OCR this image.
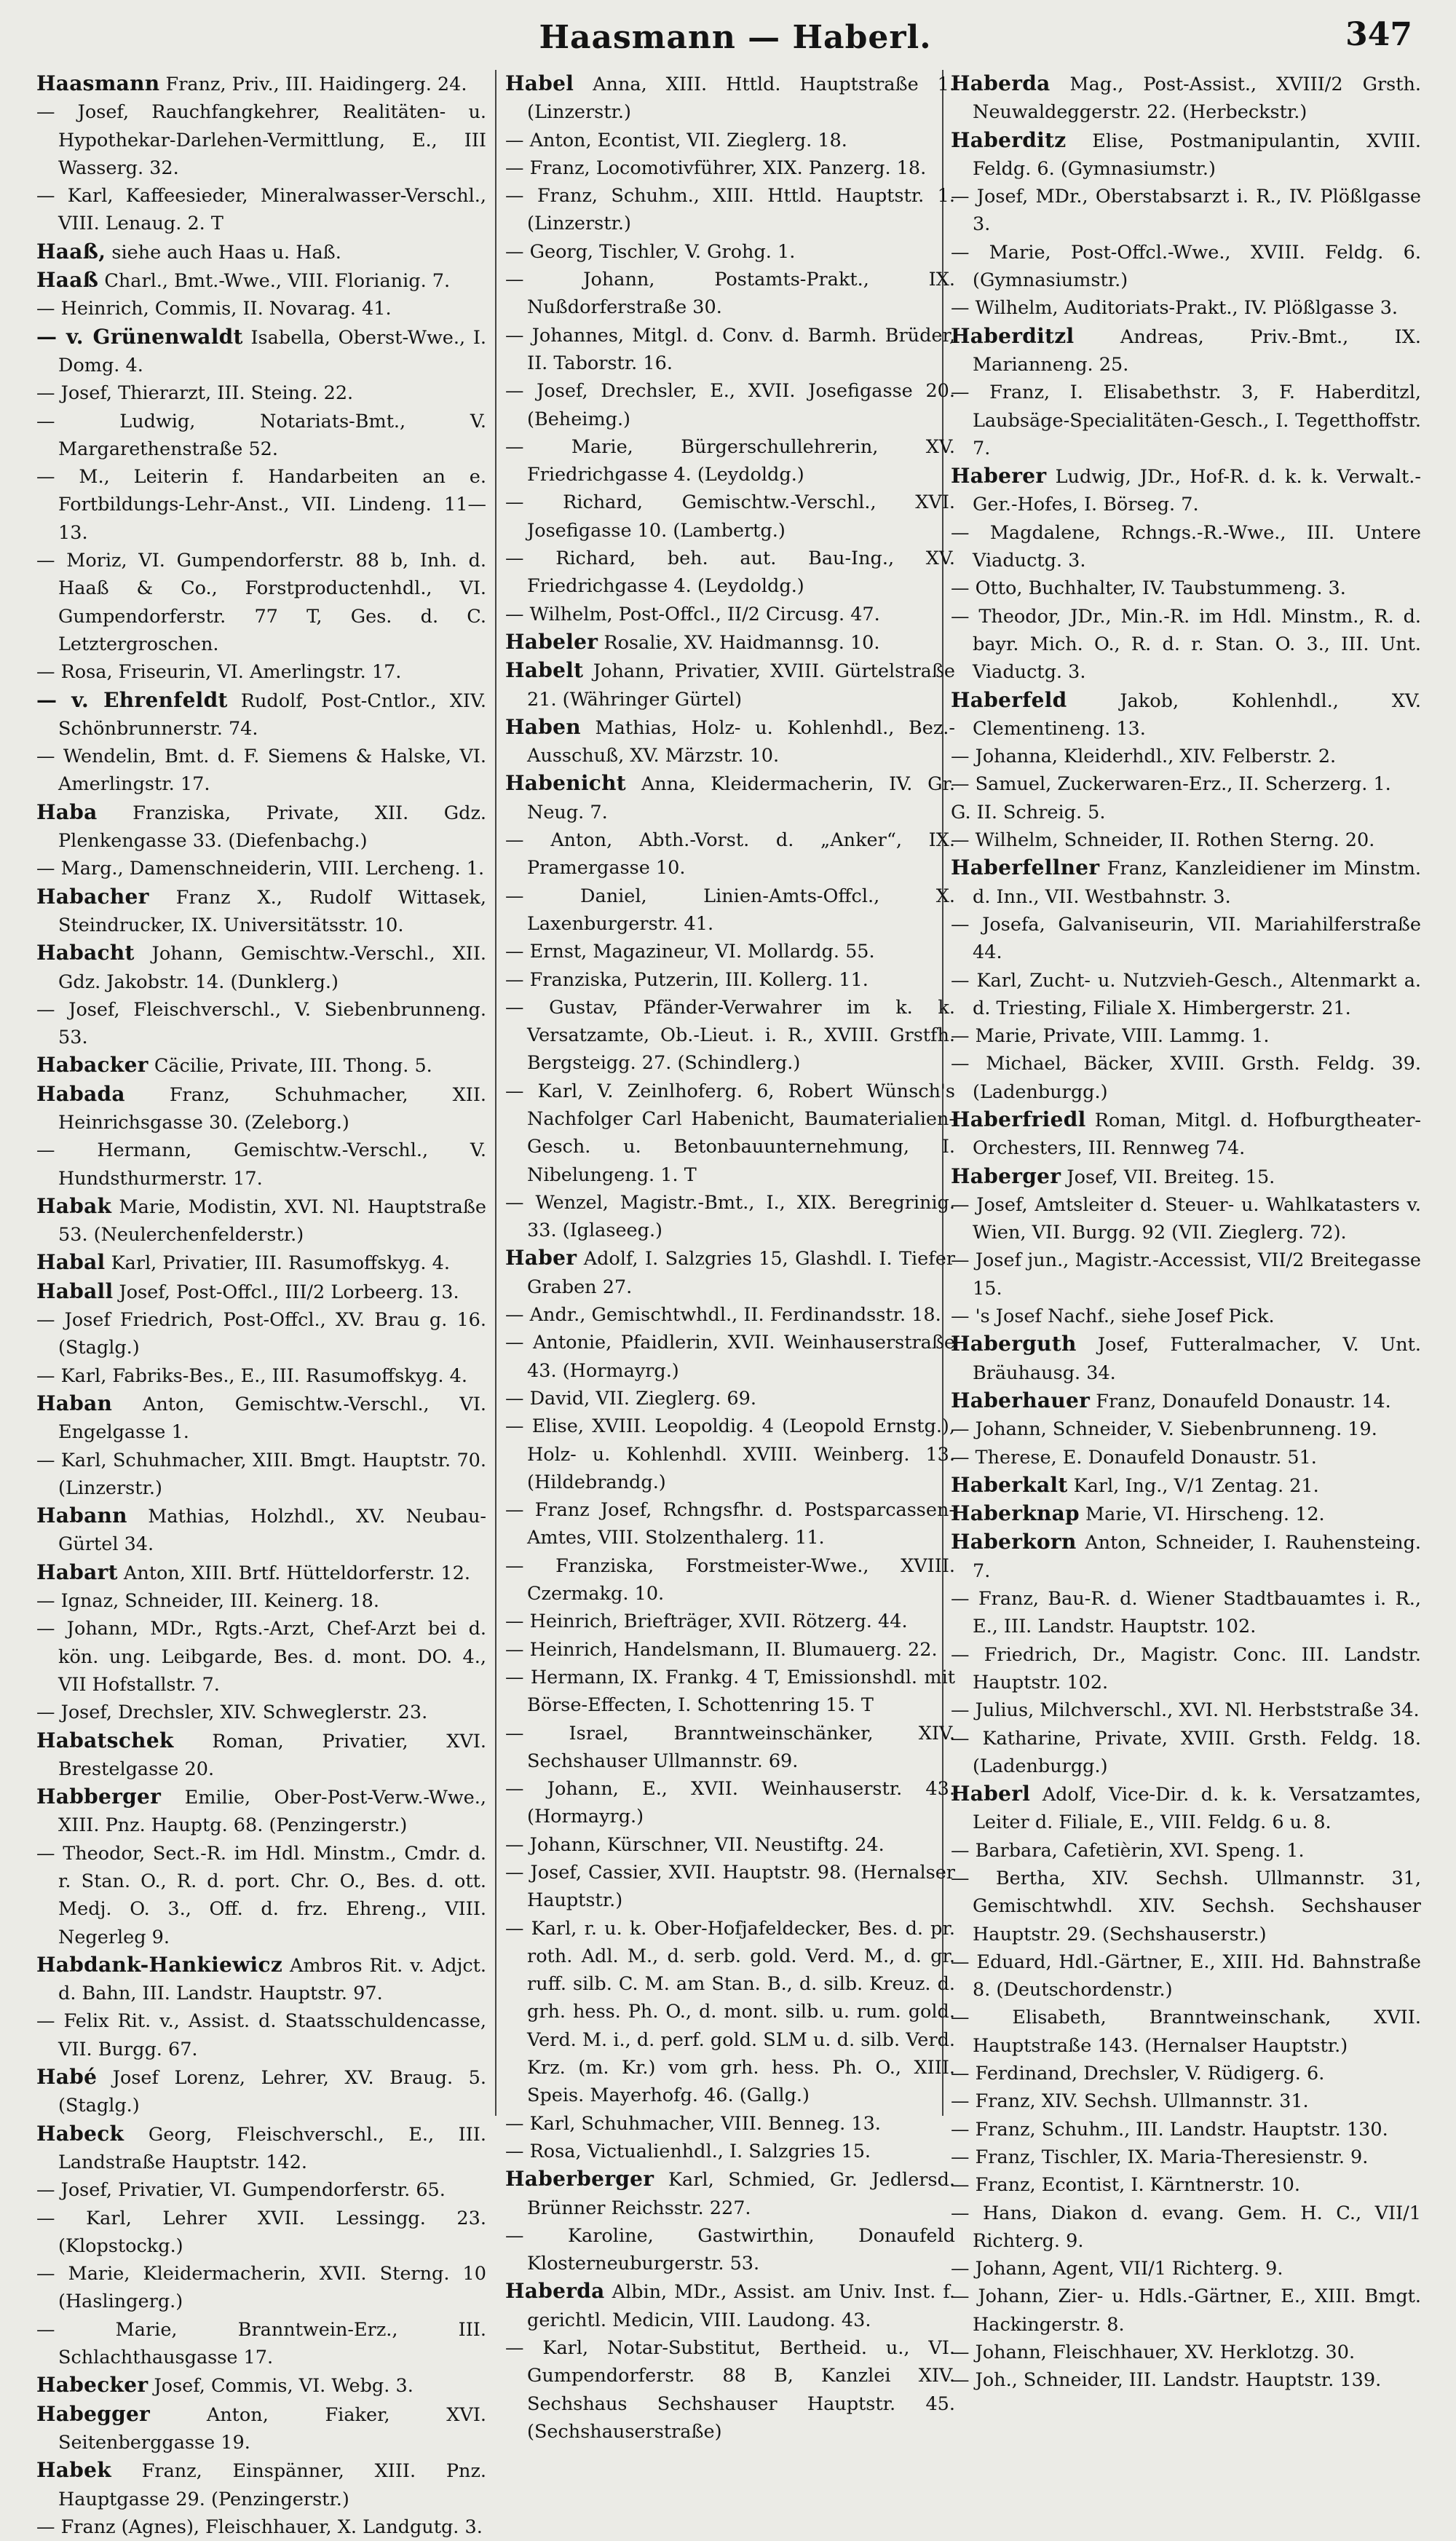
Haasmann — Haberl.	347

Haasmann Franz, Priv., III. Haidingerg. 24.

— Josef, Rauchfangkehrer, Realitäten- u. Hypothekar-Darlehen-Vermittlung, E., III Wasserg. 32.

— Karl, Kaffeesieder, Mineralwasser-Verschl., VIII. Lenaug. 2. T

Haaß, siehe auch Haas u. Haß.

Haaß Charl., Bmt.-Wwe., VIII. Florianig. 7.

— Heinrich, Commis, II. Novarag. 41.

— v. Grünenwaldt Isabella, Oberst-Wwe., I. Domg. 4.

— Josef, Thierarzt, III. Steing. 22.

— Ludwig, Notariats-Bmt., V. Margarethenstraße 52.

— M., Leiterin f. Handarbeiten an e. Fortbildungs-Lehr-Anst., VII. Lindeng. 11—13.

— Moriz, VI. Gumpendorferstr. 88 b, Inh. d. Haaß & Co., Forstproductenhdl., VI. Gumpendorferstr. 77 T, Ges. d. C. Letztergroschen.

— Rosa, Friseurin, VI. Amerlingstr. 17.

— v. Ehrenfeldt Rudolf, Post-Cntlor., XIV. Schönbrunnerstr. 74.

— Wendelin, Bmt. d. F. Siemens & Halske, VI. Amerlingstr. 17.

Haba Franziska, Private, XII. Gdz. Plenkengasse 33. (Diefenbachg.)

— Marg., Damenschneiderin, VIII. Lercheng. 1.

Habacher Franz X., Rudolf Wittasek, Steindrucker, IX. Universitätsstr. 10.

Habacht Johann, Gemischtw.-Verschl., XII. Gdz. Jakobstr. 14. (Dunklerg.)

— Josef, Fleischverschl., V. Siebenbrunneng. 53.

Habacker Cäcilie, Private, III. Thong. 5.

Habada Franz, Schuhmacher, XII. Heinrichsgasse 30. (Zeleborg.)

— Hermann, Gemischtw.-Verschl., V. Hundsthurmerstr. 17.

Habak Marie, Modistin, XVI. Nl. Hauptstraße 53. (Neulerchenfelderstr.)

Habal Karl, Privatier, III. Rasumoffskyg. 4.

Haball Josef, Post-Offcl., III/2 Lorbeerg. 13.

— Josef Friedrich, Post-Offcl., XV. Brau g. 16. (Staglg.)

— Karl, Fabriks-Bes., E., III. Rasumoffskyg. 4.

Haban Anton, Gemischtw.-Verschl., VI. Engelgasse 1.

— Karl, Schuhmacher, XIII. Bmgt. Hauptstr. 70. (Linzerstr.)

Habann Mathias, Holzhdl., XV. Neubau-Gürtel 34.

Habart Anton, XIII. Brtf. Hütteldorferstr. 12.

— Ignaz, Schneider, III. Keinerg. 18.

— Johann, MDr., Rgts.-Arzt, Chef-Arzt bei d. kön. ung. Leibgarde, Bes. d. mont. DO. 4., VII Hofstallstr. 7.

— Josef, Drechsler, XIV. Schweglerstr. 23.

Habatschek Roman, Privatier, XVI. Brestelgasse 20.

Habberger Emilie, Ober-Post-Verw.-Wwe., XIII. Pnz. Hauptg. 68. (Penzingerstr.)

— Theodor, Sect.-R. im Hdl. Minstm., Cmdr. d. r. Stan. O., R. d. port. Chr. O., Bes. d. ott. Medj. O. 3., Off. d. frz. Ehreng., VIII. Negerleg 9.

Habdank-Hankiewicz Ambros Rit. v. Adjct. d. Bahn, III. Landstr. Hauptstr. 97.

— Felix Rit. v., Assist. d. Staatsschuldencasse, VII. Burgg. 67.

Habé Josef Lorenz, Lehrer, XV. Braug. 5. (Staglg.)

Habeck Georg, Fleischverschl., E., III. Landstraße Hauptstr. 142.

— Josef, Privatier, VI. Gumpendorferstr. 65.

— Karl, Lehrer XVII. Lessingg. 23. (Klopstockg.)

— Marie, Kleidermacherin, XVII. Sterng. 10 (Haslingerg.)

— Marie, Branntwein-Erz., III. Schlachthausgasse 17.

Habecker Josef, Commis, VI. Webg. 3.

Habegger	Anton, Fiaker, XVI. Seitenberggasse 19.

Habek Franz, Einspänner, XIII. Pnz. Hauptgasse 29. (Penzingerstr.)

— Franz (Agnes), Fleischhauer, X. Landgutg. 3.

Habel Anna, XIII. Httld. Hauptstraße 1. (Linzerstr.)

— Anton, Econtist, VII. Zieglerg. 18.

— Franz, Locomotivführer, XIX. Panzerg. 18.

— Franz, Schuhm., XIII. Httld. Hauptstr. 1. (Linzerstr.)

— Georg, Tischler, V. Grohg. 1.

— Johann, Postamts-Prakt., IX. Nußdorferstraße 30.

— Johannes, Mitgl. d. Conv. d. Barmh. Brüder, II. Taborstr. 16.

— Josef, Drechsler, E., XVII. Josefigasse 20. (Beheimg.)

— Marie, Bürgerschullehrerin, XV. Friedrichgasse 4. (Leydoldg.)

— Richard, Gemischtw.-Verschl., XVI. Josefigasse 10. (Lambertg.)

— Richard, beh. aut. Bau-Ing., XV. Friedrichgasse 4. (Leydoldg.)

— Wilhelm, Post-Offcl., II/2 Circusg. 47.

Habeler Rosalie, XV. Haidmannsg. 10.

Habelt Johann, Privatier, XVIII. Gürtelstraße 21. (Währinger Gürtel)

Haben Mathias, Holz- u. Kohlenhdl., Bez.-Ausschuß, XV. Märzstr. 10.

Habenicht Anna, Kleidermacherin, IV. Gr. Neug. 7.

— Anton, Abth.-Vorst. d. „Anker“, IX. Pramergasse 10.

— Daniel, Linien-Amts-Offcl., X. Laxenburgerstr. 41.

— Ernst, Magazineur, VI. Mollardg. 55.

— Franziska, Putzerin, III. Kollerg. 11.

— Gustav, Pfänder-Verwahrer im k. k. Versatzamte, Ob.-Lieut. i. R., XVIII. Grstfh. Bergsteigg. 27. (Schindlerg.)

— Karl, V. Zeinlhoferg. 6, Robert Wünsch's Nachfolger Carl Habenicht, Baumaterialien-Gesch. u. Betonbauunternehmung, I. Nibelungeng. 1. T

— Wenzel, Magistr.-Bmt., I., XIX. Beregrinig. 33. (Iglaseeg.)

Haber Adolf, I. Salzgries 15, Glashdl. I. Tiefer Graben 27.

— Andr., Gemischtwhdl., II. Ferdinandsstr. 18.

— Antonie, Pfaidlerin, XVII. Weinhauserstraße 43. (Hormayrg.)

— David, VII. Zieglerg. 69.

— Elise, XVIII. Leopoldig. 4 (Leopold Ernstg.), Holz- u. Kohlenhdl. XVIII. Weinberg. 13. (Hildebrandg.)

— Franz Josef, Rchngsfhr. d. Postsparcassen-Amtes, VIII. Stolzenthalerg. 11.

— Franziska, Forstmeister-Wwe., XVIII. Czermakg. 10.

— Heinrich, Briefträger, XVII. Rötzerg. 44.

— Heinrich, Handelsmann, II. Blumauerg. 22.

— Hermann, IX. Frankg. 4 T, Emissionshdl. mit Börse-Effecten, I. Schottenring 15. T

— Israel, Branntweinschänker, XIV. Sechshauser Ullmannstr. 69.

— Johann, E., XVII. Weinhauserstr. 43. (Hormayrg.)

— Johann, Kürschner, VII. Neustiftg. 24.

— Josef, Cassier, XVII. Hauptstr. 98. (Hernalser Hauptstr.)

— Karl, r. u. k. Ober-Hofjafeldecker, Bes. d. pr. roth. Adl. M., d. serb. gold. Verd. M., d. gr. ruff. silb. C. M. am Stan. B., d. silb. Kreuz. d. grh. hess. Ph. O., d. mont. silb. u. rum. gold. Verd. M. i., d. perf. gold. SLM u. d. silb. Verd. Krz. (m. Kr.) vom grh. hess. Ph. O., XIII. Speis. Mayerhofg. 46. (Gallg.)

— Karl, Schuhmacher, VIII. Benneg. 13.

— Rosa, Victualienhdl., I. Salzgries 15.

Haberberger Karl, Schmied, Gr. Jedlersd. Brünner Reichsstr. 227.

— Karoline, Gastwirthin, Donaufeld Klosterneuburgerstr. 53.

Haberda Albin, MDr., Assist. am Univ. Inst. f. gerichtl. Medicin, VIII. Laudong. 43.

— Karl, Notar-Substitut, Bertheid. u., VI. Gumpendorferstr. 88 B, Kanzlei XIV. Sechshaus Sechshauser Hauptstr. 45. (Sechshauserstraße)

Haberda Mag., Post-Assist., XVIII/2 Grsth. Neuwaldeggerstr. 22. (Herbeckstr.)

Haberditz Elise, Postmanipulantin, XVIII. Feldg. 6. (Gymnasiumstr.)

— Josef, MDr., Oberstabsarzt i. R., IV. Plößlgasse 3.

— Marie, Post-Offcl.-Wwe., XVIII. Feldg. 6. (Gymnasiumstr.)

— Wilhelm, Auditoriats-Prakt., IV. Plößlgasse 3.

Haberditzl Andreas, Priv.-Bmt., IX. Marianneng. 25.

— Franz, I. Elisabethstr. 3, F. Haberditzl, Laubsäge-Specialitäten-Gesch., I. Tegetthoffstr. 7.

Haberer Ludwig, JDr., Hof-R. d. k. k. Verwalt.-Ger.-Hofes, I. Börseg. 7.

— Magdalene, Rchngs.-R.-Wwe., III. Untere Viaductg. 3.

— Otto, Buchhalter, IV. Taubstummeng. 3.

— Theodor, JDr., Min.-R. im Hdl. Minstm., R. d. bayr. Mich. O., R. d. r. Stan. O. 3., III. Unt. Viaductg. 3.

Haberfeld	Jakob, Kohlenhdl., XV. Clementineng. 13.

— Johanna, Kleiderhdl., XIV. Felberstr. 2.

— Samuel, Zuckerwaren-Erz., II. Scherzerg. 1.

G. II. Schreig. 5.

— Wilhelm, Schneider, II. Rothen Sterng. 20.

Haberfellner Franz, Kanzleidiener im Minstm. d. Inn., VII. Westbahnstr. 3.

— Josefa, Galvaniseurin, VII. Mariahilferstraße 44.

— Karl, Zucht- u. Nutzvieh-Gesch., Altenmarkt a. d. Triesting, Filiale X. Himbergerstr. 21.

— Marie, Private, VIII. Lammg. 1.

— Michael, Bäcker, XVIII. Grsth. Feldg. 39. (Ladenburgg.)

Haberfriedl Roman, Mitgl. d. Hofburgtheater-Orchesters, III. Rennweg 74.

Haberger Josef, VII. Breiteg. 15.

— Josef, Amtsleiter d. Steuer- u. Wahlkatasters v. Wien, VII. Burgg. 92 (VII. Zieglerg. 72).

— Josef jun., Magistr.-Accessist, VII/2 Breitegasse 15.

— 's Josef Nachf., siehe Josef Pick.

Haberguth Josef, Futteralmacher, V. Unt. Bräuhausg. 34.

Haberhauer Franz, Donaufeld Donaustr. 14.

— Johann, Schneider, V. Siebenbrunneng. 19.

— Therese, E. Donaufeld Donaustr. 51.

Haberkalt Karl, Ing., V/1 Zentag. 21.

Haberknap Marie, VI. Hirscheng. 12.

Haberkorn Anton, Schneider, I. Rauhensteing. 7.

— Franz, Bau-R. d. Wiener Stadtbauamtes i. R., E., III. Landstr. Hauptstr. 102.

— Friedrich, Dr., Magistr. Conc. III. Landstr. Hauptstr. 102.

— Julius, Milchverschl., XVI. Nl. Herbststraße 34.

— Katharine, Private, XVIII. Grsth. Feldg. 18. (Ladenburgg.)

Haberl Adolf, Vice-Dir. d. k. k. Versatzamtes, Leiter d. Filiale, E., VIII. Feldg. 6 u. 8.

— Barbara, Cafetièrin, XVI. Speng. 1.

— Bertha, XIV. Sechsh. Ullmannstr. 31, Gemischtwhdl. XIV. Sechsh. Sechshauser Hauptstr. 29. (Sechshauserstr.)

— Eduard, Hdl.-Gärtner, E., XIII. Hd. Bahnstraße 8. (Deutschordenstr.)

— Elisabeth, Branntweinschank, XVII. Hauptstraße 143. (Hernalser Hauptstr.)

— Ferdinand, Drechsler, V. Rüdigerg. 6.

— Franz, XIV. Sechsh. Ullmannstr. 31.

— Franz, Schuhm., III. Landstr. Hauptstr. 130.

— Franz, Tischler, IX. Maria-Theresienstr. 9.

— Franz, Econtist, I. Kärntnerstr. 10.

— Hans, Diakon d. evang. Gem. H. C., VII/1 Richterg. 9.

— Johann, Agent, VII/1 Richterg. 9.

— Johann, Zier- u. Hdls.-Gärtner, E., XIII. Bmgt. Hackingerstr. 8.

— Johann, Fleischhauer, XV. Herklotzg. 30.

— Joh., Schneider, III. Landstr. Hauptstr. 139.
